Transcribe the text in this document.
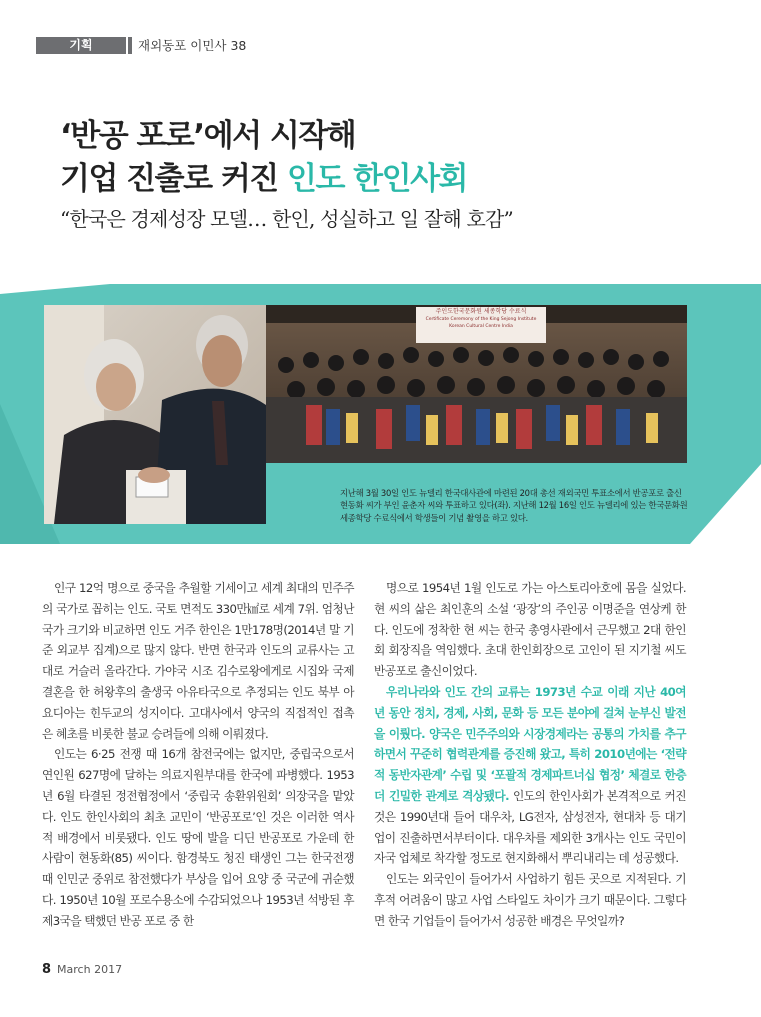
기획	재외동포 이민사 38
‘반공 포로’에서 시작해
기업 진출로 커진 인도 한인사회
“한국은 경제성장 모델… 한인, 성실하고 일 잘해 호감”
주인도한국문화원 세종학당 수료식
Certificate Ceremony of the King Sejong Institute
Korean Cultural Centre India
지난해 3월 30일 인도 뉴델리 한국대사관에 마련된 20대 총선 재외국민 투표소에서 반공포로 출신 현동화 씨가 부인 윤춘자 씨와 투표하고 있다(좌). 지난해 12월 16일 인도 뉴델리에 있는 한국문화원 세종학당 수료식에서 학생들이 기념 촬영을 하고 있다.

인구 12억 명으로 중국을 추월할 기세이고 세계 최대의 민주주의 국가로 꼽히는 인도. 국토 면적도 330만㎢로 세계 7위. 엄청난 국가 크기와 비교하면 인도 거주 한인은 1만178명(2014년 말 기준 외교부 집계)으로 많지 않다. 반면 한국과 인도의 교류사는 고대로 거슬러 올라간다. 가야국 시조 김수로왕에게로 시집와 국제결혼을 한 허왕후의 출생국 아유타국으로 추정되는 인도 북부 아요디아는 힌두교의 성지이다. 고대사에서 양국의 직접적인 접촉은 혜초를 비롯한 불교 승려들에 의해 이뤄졌다.

인도는 6·25 전쟁 때 16개 참전국에는 없지만, 중립국으로서 연인원 627명에 달하는 의료지원부대를 한국에 파병했다. 1953년 6월 타결된 정전협정에서 ‘중립국 송환위원회’ 의장국을 맡았다. 인도 한인사회의 최초 교민이 ‘반공포로’인 것은 이러한 역사적 배경에서 비롯됐다. 인도 땅에 발을 디딘 반공포로 가운데 한 사람이 현동화(85) 씨이다. 함경북도 청진 태생인 그는 한국전쟁 때 인민군 중위로 참전했다가 부상을 입어 요양 중 국군에 귀순했다. 1950년 10월 포로수용소에 수감되었으나 1953년 석방된 후 제3국을 택했던 반공 포로 중 한

명으로 1954년 1월 인도로 가는 아스토리아호에 몸을 실었다. 현 씨의 삶은 최인훈의 소설 ‘광장’의 주인공 이명준을 연상케 한다. 인도에 정착한 현 씨는 한국 총영사관에서 근무했고 2대 한인회 회장직을 역임했다. 초대 한인회장으로 고인이 된 지기철 씨도 반공포로 출신이었다.

우리나라와 인도 간의 교류는 1973년 수교 이래 지난 40여 년 동안 정치, 경제, 사회, 문화 등 모든 분야에 걸쳐 눈부신 발전을 이뤘다. 양국은 민주주의와 시장경제라는 공통의 가치를 추구하면서 꾸준히 협력관계를 증진해 왔고, 특히 2010년에는 ‘전략적 동반자관계’ 수립 및 ‘포괄적 경제파트너십 협정’ 체결로 한층 더 긴밀한 관계로 격상됐다. 인도의 한인사회가 본격적으로 커진 것은 1990년대 들어 대우차, LG전자, 삼성전자, 현대차 등 대기업이 진출하면서부터이다. 대우차를 제외한 3개사는 인도 국민이 자국 업체로 착각할 정도로 현지화해서 뿌리내리는 데 성공했다.

인도는 외국인이 들어가서 사업하기 힘든 곳으로 지적된다. 기후적 어려움이 많고 사업 스타일도 차이가 크기 때문이다. 그렇다면 한국 기업들이 들어가서 성공한 배경은 무엇일까?

8 March 2017
